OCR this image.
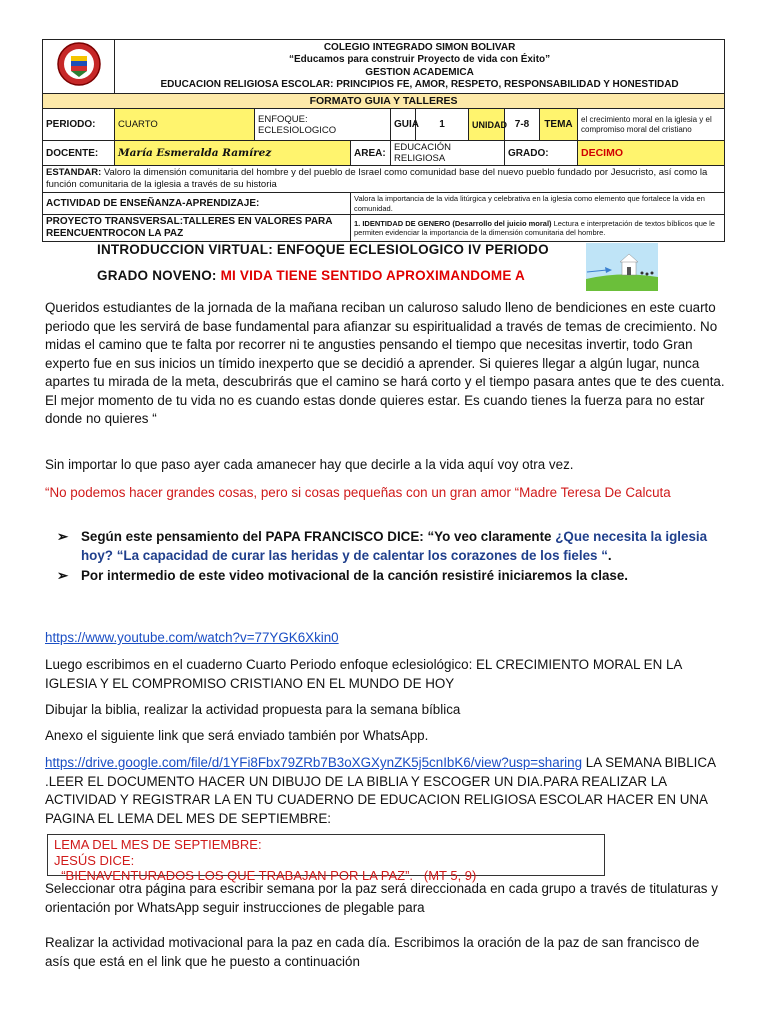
COLEGIO INTEGRADO SIMON BOLIVAR
“Educamos para construir Proyecto de vida con Éxito”
GESTION ACADEMICA
EDUCACION RELIGIOSA ESCOLAR: PRINCIPIOS FE, AMOR, RESPETO, RESPONSABILIDAD Y HONESTIDAD								

FORMATO GUIA Y TALLERES									
PERIODO:	CUARTO	ENFOQUE: ECLESIOLOGICO		GUIA	1	UNIDAD	7-8	TEMA	el crecimiento moral en la iglesia y el compromiso moral del cristiano
DOCENTE:	María Esmeralda Ramírez		AREA:	EDUCACIÓN RELIGIOSA			GRADO:		DECIMO
ESTANDAR: Valoro la dimensión comunitaria del hombre y del pueblo de Israel como comunidad base del nuevo pueblo fundado por Jesucristo, así como la función comunitaria de la iglesia a través de su historia									
ACTIVIDAD DE ENSEÑANZA-APRENDIZAJE:			Valora la importancia de la vida litúrgica y celebrativa en la iglesia como elemento que fortalece la vida en comunidad.						
PROYECTO TRANSVERSAL:TALLERES EN VALORES PARA REENCUENTROCON LA PAZ			1. IDENTIDAD DE GENERO (Desarrollo del juicio moral) Lectura e interpretación de textos bíblicos que le permiten evidenciar la importancia de la dimensión comunitaria del hombre.						
INTRODUCCION VIRTUAL: ENFOQUE ECLESIOLOGICO IV PERIODO
GRADO NOVENO: MI VIDA TIENE SENTIDO APROXIMANDOME A
Queridos estudiantes de la jornada de la mañana reciban un caluroso saludo lleno de bendiciones en este cuarto periodo que les servirá de base fundamental para afianzar su espiritualidad a través de temas de crecimiento. No midas el camino que te falta por recorrer ni te angusties pensando el tiempo que necesitas invertir, todo Gran experto fue en sus inicios un tímido inexperto que se decidió a aprender. Si quieres llegar a algún lugar, nunca apartes tu mirada de la meta, descubrirás que el camino se hará corto y el tiempo pasara antes que te des cuenta. El mejor momento de tu vida no es cuando estas donde quieres estar. Es cuando tienes la fuerza para no estar donde no quieres “
Sin importar lo que paso ayer cada amanecer hay que decirle a la vida aquí voy otra vez.
“No podemos hacer grandes cosas, pero si cosas pequeñas con un gran amor “Madre Teresa De Calcuta
➢ Según este pensamiento del PAPA FRANCISCO DICE: “Yo veo claramente ¿Que necesita la iglesia hoy? “La capacidad de curar las heridas y de calentar los corazones de los fieles “.
➢ Por intermedio de este video motivacional de la canción resistiré iniciaremos la clase.
https://www.youtube.com/watch?v=77YGK6Xkin0
Luego escribimos en el cuaderno Cuarto Periodo enfoque eclesiológico: EL CRECIMIENTO MORAL EN LA IGLESIA Y EL COMPROMISO CRISTIANO EN EL MUNDO DE HOY
Dibujar la biblia, realizar la actividad propuesta para la semana bíblica
Anexo el siguiente link que será enviado también por WhatsApp.
https://drive.google.com/file/d/1YFi8Fbx79ZRb7B3oXGXynZK5j5cnIbK6/view?usp=sharing LA SEMANA BIBLICA .LEER EL DOCUMENTO HACER UN DIBUJO DE LA BIBLIA Y ESCOGER UN DIA.PARA REALIZAR LA ACTIVIDAD Y REGISTRAR LA EN TU CUADERNO DE EDUCACION RELIGIOSA ESCOLAR HACER EN UNA PAGINA EL LEMA DEL MES DE SEPTIEMBRE:
LEMA DEL MES DE SEPTIEMBRE:
JESÚS DICE:
“BIENAVENTURADOS LOS QUE TRABAJAN POR LA PAZ”.   (MT 5, 9)
Seleccionar otra página para escribir semana por la paz será direccionada en cada grupo a través de titulaturas y orientación por WhatsApp seguir instrucciones de plegable para
Realizar la actividad motivacional para la paz en cada día. Escribimos la oración de la paz de san francisco de asís que está en el link que he puesto a continuación
